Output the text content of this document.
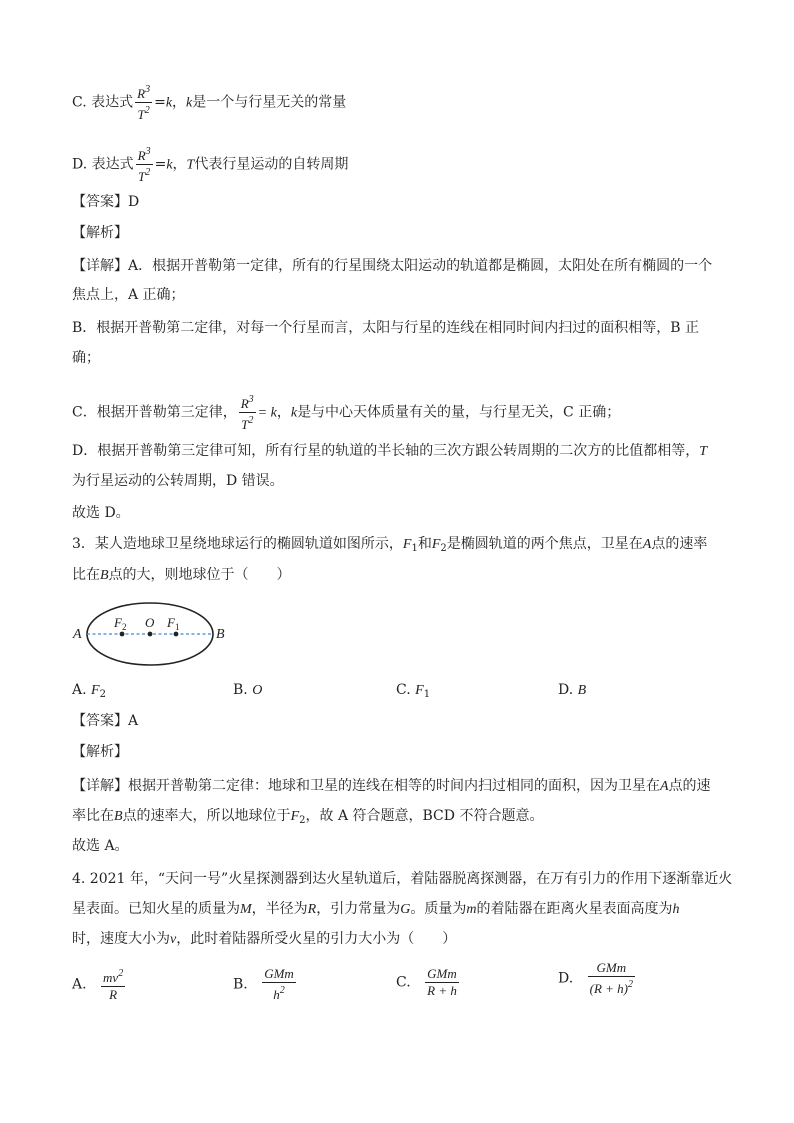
C. 表达式 $\frac{R^3}{T^2} =k$，k是一个与行星无关的常量
D. 表达式 $\frac{R^3}{T^2} =k$，T代表行星运动的自转周期
【答案】D
【解析】
【详解】A．根据开普勒第一定律，所有的行星围绕太阳运动的轨道都是椭圆，太阳处在所有椭圆的一个
焦点上，A 正确；
B．根据开普勒第二定律，对每一个行星而言，太阳与行星的连线在相同时间内扫过的面积相等，B 正
确；
C．根据开普勒第三定律， $\frac{R^3}{T^2} = k$，k是与中心天体质量有关的量，与行星无关，C 正确；
D．根据开普勒第三定律可知，所有行星的轨道的半长轴的三次方跟公转周期的二次方的比值都相等，T
为行星运动的公转周期，D 错误。
故选 D。
3．某人造地球卫星绕地球运行的椭圆轨道如图所示，$F_1$和$F_2$是椭圆轨道的两个焦点，卫星在A点的速率
比在B点的大，则地球位于（　　）
A	B
$F_2$ O $F_1$
A. $F_2$	B. O	C. $F_1$	D. B
【答案】A
【解析】
【详解】根据开普勒第二定律：地球和卫星的连线在相等的时间内扫过相同的面积，因为卫星在A点的速
率比在B点的速率大，所以地球位于$F_2$，故 A 符合题意，BCD 不符合题意。
故选 A。
4. 2021 年，“天问一号”火星探测器到达火星轨道后，着陆器脱离探测器，在万有引力的作用下逐渐靠近火
星表面。已知火星的质量为M，半径为R，引力常量为G。质量为m的着陆器在距离火星表面高度为h
时，速度大小为v，此时着陆器所受火星的引力大小为（　　）
A. $\frac{mv^2}{R}$	B. $\frac{\text{GMm}}{h^2}$	C. $\frac{\text{GMm}}{R + h}$	D. $\frac{\text{GMm}}{(R + h)^2}$
